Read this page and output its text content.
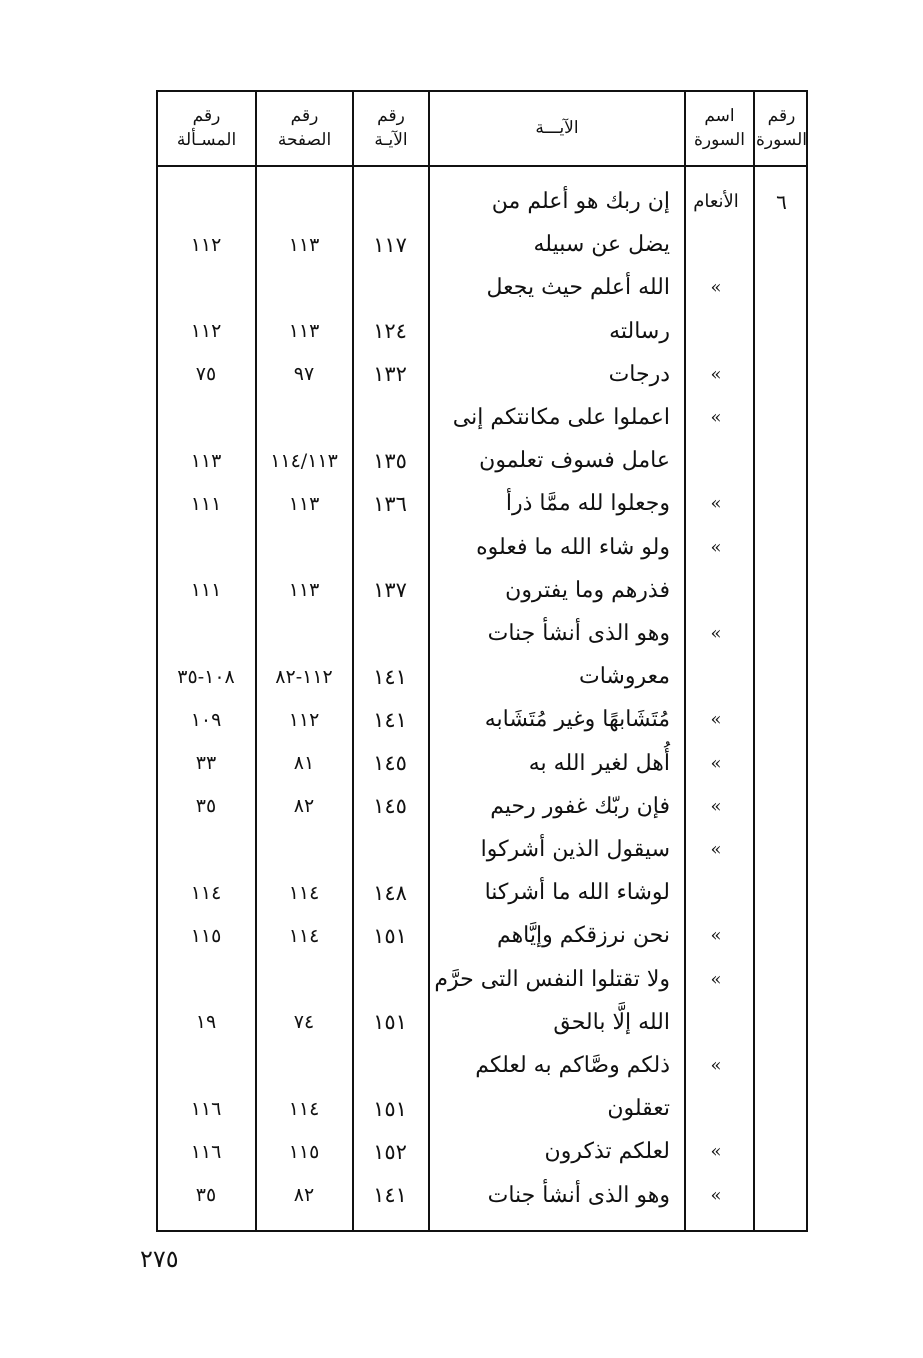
رقم
السورة
اسم
السورة
الآيـــة
رقم
الآيـة
رقم
الصفحة
رقم
المسـألة
٦
الأنعام
إن ربك هو أعلم من
يضل عن سبيله
١١٧
١١٣
١١٢
»
الله أعلم حيث يجعل
رسالته
١٢٤
١١٣
١١٢
»
درجات
١٣٢
٩٧
٧٥
»
اعملوا على مكانتكم إنى
عامل فسوف تعلمون
١٣٥
١١٤/١١٣
١١٣
»
وجعلوا لله ممَّا ذرأ
١٣٦
١١٣
١١١
»
ولو شاء الله ما فعلوه
فذرهم وما يفترون
١٣٧
١١٣
١١١
»
وهو الذى أنشأ جنات
معروشات
١٤١
١١٢-٨٢
١٠٨-٣٥
»
مُتَشَابهًا وغير مُتَشَابه
١٤١
١١٢
١٠٩
»
أُهل لغير الله به
١٤٥
٨١
٣٣
»
فإن ربّك غفور رحيم
١٤٥
٨٢
٣٥
»
سيقول الذين أشركوا
لوشاء الله ما أشركنا
١٤٨
١١٤
١١٤
»
نحن نرزقكم وإيَّاهم
١٥١
١١٤
١١٥
»
ولا تقتلوا النفس التى حرَّم
الله إلَّا بالحق
١٥١
٧٤
١٩
»
ذلكم وصَّاكم به لعلكم
تعقلون
١٥١
١١٤
١١٦
»
لعلكم تذكرون
١٥٢
١١٥
١١٦
»
وهو الذى أنشأ جنات
١٤١
٨٢
٣٥
٢٧٥
